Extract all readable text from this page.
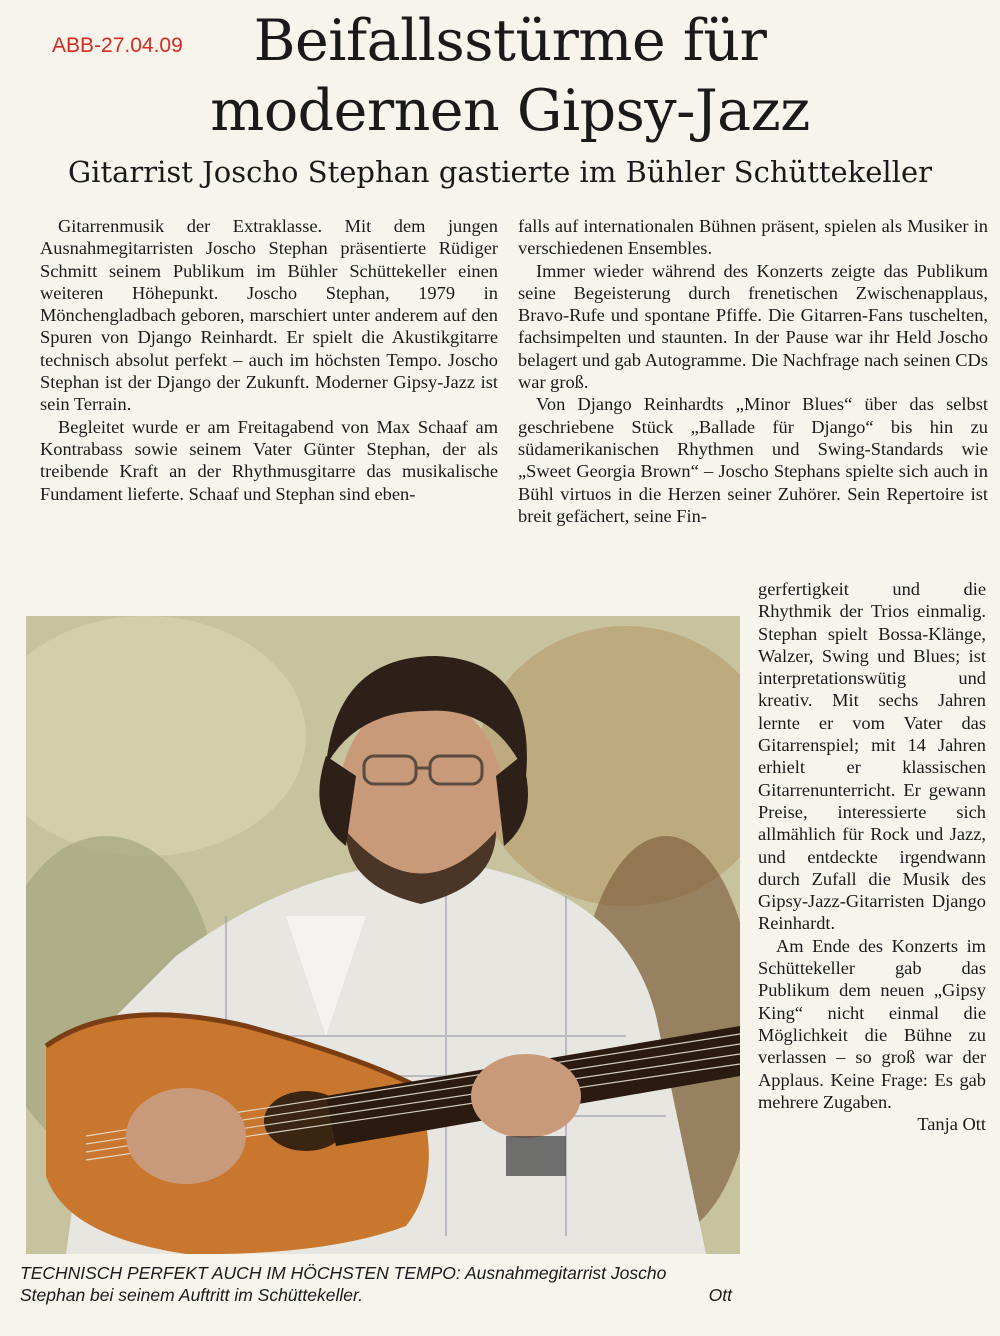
ABB-27.04.09	Beifallsstürme für
modernen Gipsy-Jazz
Gitarrist Joscho Stephan gastierte im Bühler Schüttekeller

Gitarrenmusik der Extraklasse. Mit dem jungen Ausnahmegitarristen Joscho Stephan präsentierte Rüdiger Schmitt seinem Publikum im Bühler Schüttekeller einen weiteren Höhepunkt. Joscho Stephan, 1979 in Mönchengladbach geboren, marschiert unter anderem auf den Spuren von Django Reinhardt. Er spielt die Akustikgitarre technisch absolut perfekt – auch im höchsten Tempo. Joscho Stephan ist der Django der Zukunft. Moderner Gipsy-Jazz ist sein Terrain.

Begleitet wurde er am Freitagabend von Max Schaaf am Kontrabass sowie seinem Vater Günter Stephan, der als treibende Kraft an der Rhythmusgitarre das musikalische Fundament lieferte. Schaaf und Stephan sind eben-

falls auf internationalen Bühnen präsent, spielen als Musiker in verschiedenen Ensembles.

Immer wieder während des Konzerts zeigte das Publikum seine Begeisterung durch frenetischen Zwischenapplaus, Bravo-Rufe und spontane Pfiffe. Die Gitarren-Fans tuschelten, fachsimpelten und staunten. In der Pause war ihr Held Joscho belagert und gab Autogramme. Die Nachfrage nach seinen CDs war groß.

Von Django Reinhardts „Minor Blues“ über das selbst geschriebene Stück „Ballade für Django“ bis hin zu südamerikanischen Rhythmen und Swing-Standards wie „Sweet Georgia Brown“ – Joscho Stephans spielte sich auch in Bühl virtuos in die Herzen seiner Zuhörer. Sein Repertoire ist breit gefächert, seine Fin-

gerfertigkeit und die Rhythmik der Trios einmalig. Stephan spielt Bossa-Klänge, Walzer, Swing und Blues; ist interpretationswütig und kreativ. Mit sechs Jahren lernte er vom Vater das Gitarrenspiel; mit 14 Jahren erhielt er klassischen Gitarrenunterricht. Er gewann Preise, interessierte sich allmählich für Rock und Jazz, und entdeckte irgendwann durch Zufall die Musik des Gipsy-Jazz-Gitarristen Django Reinhardt.

Am Ende des Konzerts im Schüttekeller gab das Publikum dem neuen „Gipsy King“ nicht einmal die Möglichkeit die Bühne zu verlassen – so groß war der Applaus. Keine Frage: Es gab mehrere Zugaben.

Tanja Ott
TECHNISCH PERFEKT AUCH IM HÖCHSTEN TEMPO: Ausnahmegitarrist Joscho Stephan bei seinem Auftritt im Schüttekeller.	Ott
